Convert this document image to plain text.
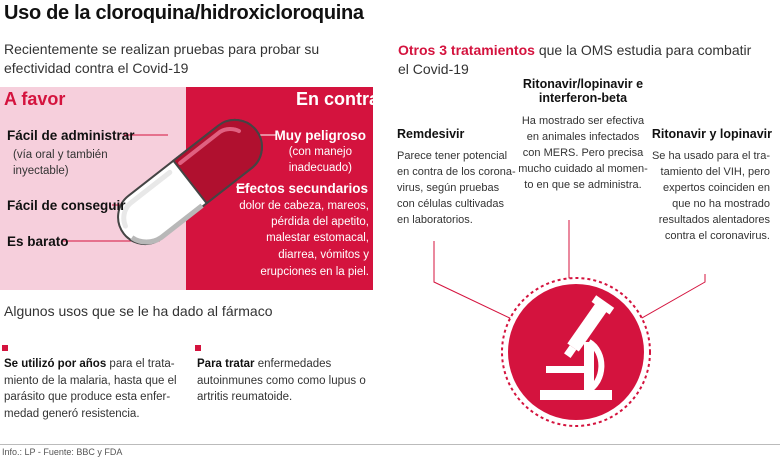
Uso de la cloroquina/hidroxicloroquina
Recientemente se realizan pruebas para probar su efectividad contra el Covid-19
A favor	En contra
Fácil de administrar
(vía oral y también
inyectable)
Fácil de conseguir
Es barato
Muy peligroso
(con manejo
inadecuado)
Efectos secundarios
dolor de cabeza, mareos,
pérdida del apetito,
malestar estomacal,
diarrea, vómitos y
erupciones en la piel.
Algunos usos que se le ha dado al fármaco
Se utilizó por años para el trata-
miento de la malaria, hasta que el
parásito que produce esta enfer-
medad generó resistencia.
Para tratar enfermedades
autoinmunes como como lupus o
artritis reumatoide.
Otros 3 tratamientos que la OMS estudia para combatir el Covid-19
Remdesivir
Parece tener potencial
en contra de los corona-
virus, según pruebas
con células cultivadas
en laboratorios.
Ritonavir/lopinavir e
interferon-beta
Ha mostrado ser efectiva
en animales infectados
con MERS. Pero precisa
mucho cuidado al momen-
to en que se administra.
Ritonavir y lopinavir
Se ha usado para el tra-
tamiento del VIH, pero
expertos coinciden en
que no ha mostrado
resultados alentadores
contra el coronavirus.
Info.: LP - Fuente: BBC y FDA
